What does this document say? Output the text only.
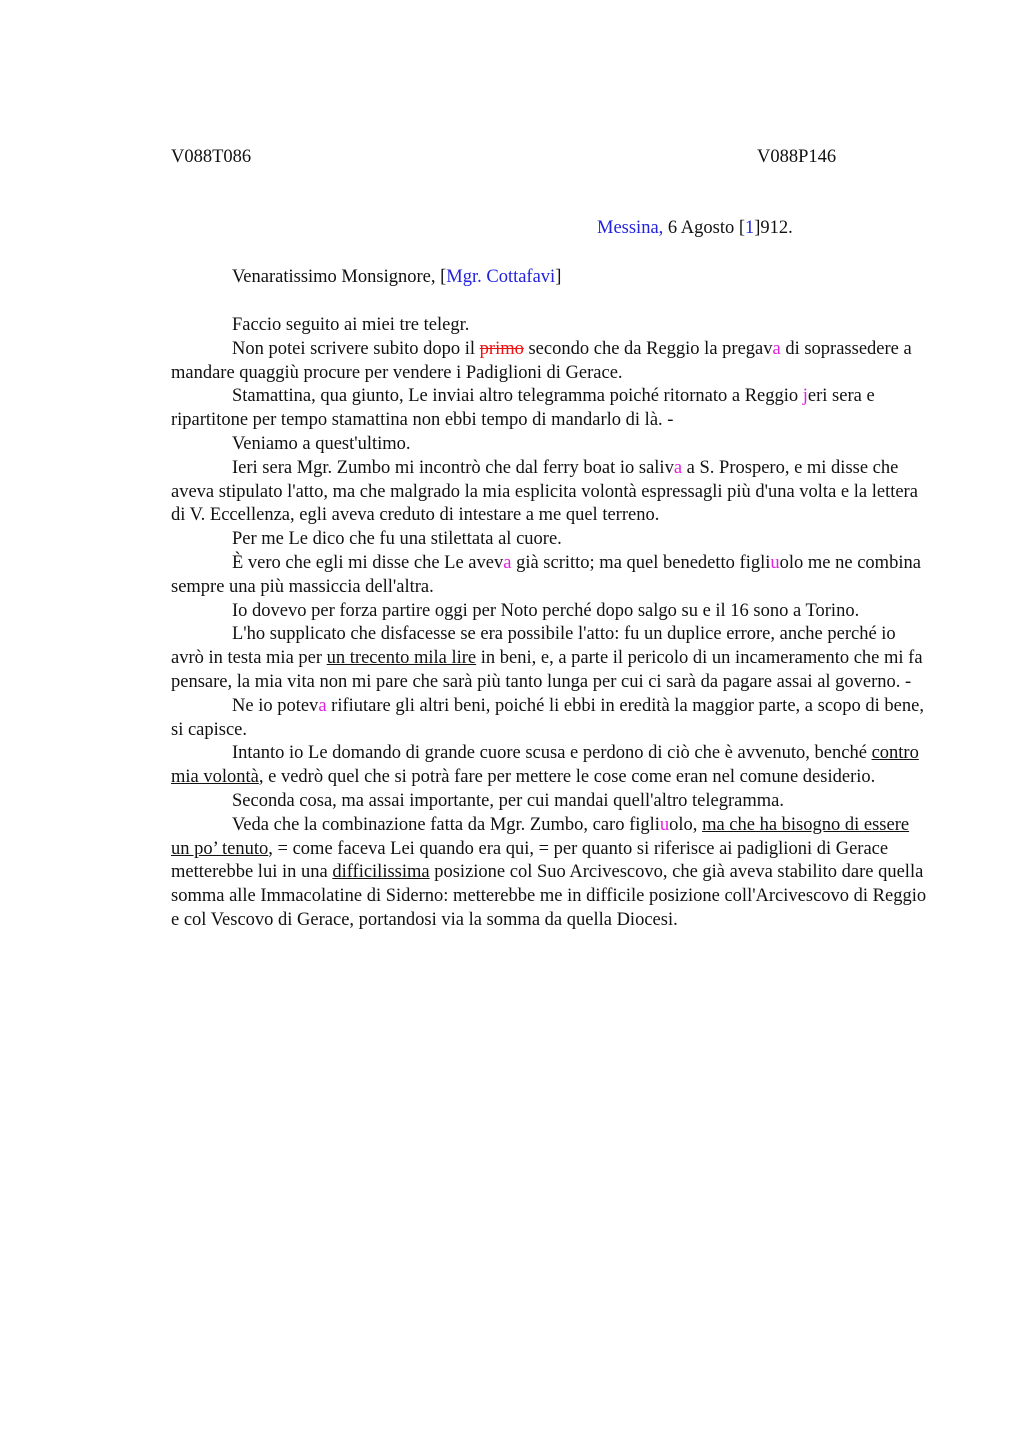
V088T086	V088P146
Messina, 6 Agosto [1]912.
Venaratissimo Monsignore, [Mgr. Cottafavi]

Faccio seguito ai miei tre telegr.

Non potei scrivere subito dopo il primo secondo che da Reggio la pregava di soprassedere a mandare quaggiù procure per vendere i Padiglioni di Gerace.

Stamattina, qua giunto, Le inviai altro telegramma poiché ritornato a Reggio jeri sera e ripartitone per tempo stamattina non ebbi tempo di mandarlo di là. -

Veniamo a quest'ultimo.

Ieri sera Mgr. Zumbo mi incontrò che dal ferry boat io saliva a S. Prospero, e mi disse che aveva stipulato l'atto, ma che malgrado la mia esplicita volontà espressagli più d'una volta e la lettera di V. Eccellenza, egli aveva creduto di intestare a me quel terreno.

Per me Le dico che fu una stilettata al cuore.

È vero che egli mi disse che Le aveva già scritto; ma quel benedetto figliuolo me ne combina sempre una più massiccia dell'altra.

Io dovevo per forza partire oggi per Noto perché dopo salgo su e il 16 sono a Torino.

L'ho supplicato che disfacesse se era possibile l'atto: fu un duplice errore, anche perché io avrò in testa mia per un trecento mila lire in beni, e, a parte il pericolo di un incameramento che mi fa pensare, la mia vita non mi pare che sarà più tanto lunga per cui ci sarà da pagare assai al governo. -

Ne io poteva rifiutare gli altri beni, poiché li ebbi in eredità la maggior parte, a scopo di bene, si capisce.

Intanto io Le domando di grande cuore scusa e perdono di ciò che è avvenuto, benché contro mia volontà, e vedrò quel che si potrà fare per mettere le cose come eran nel comune desiderio.

Seconda cosa, ma assai importante, per cui mandai quell'altro telegramma.

Veda che la combinazione fatta da Mgr. Zumbo, caro figliuolo, ma che ha bisogno di essere un po’ tenuto, = come faceva Lei quando era qui, = per quanto si riferisce ai padiglioni di Gerace metterebbe lui in una difficilissima posizione col Suo Arcivescovo, che già aveva stabilito dare quella somma alle Immacolatine di Siderno: metterebbe me in difficile posizione coll'Arcivescovo di Reggio e col Vescovo di Gerace, portandosi via la somma da quella Diocesi.
